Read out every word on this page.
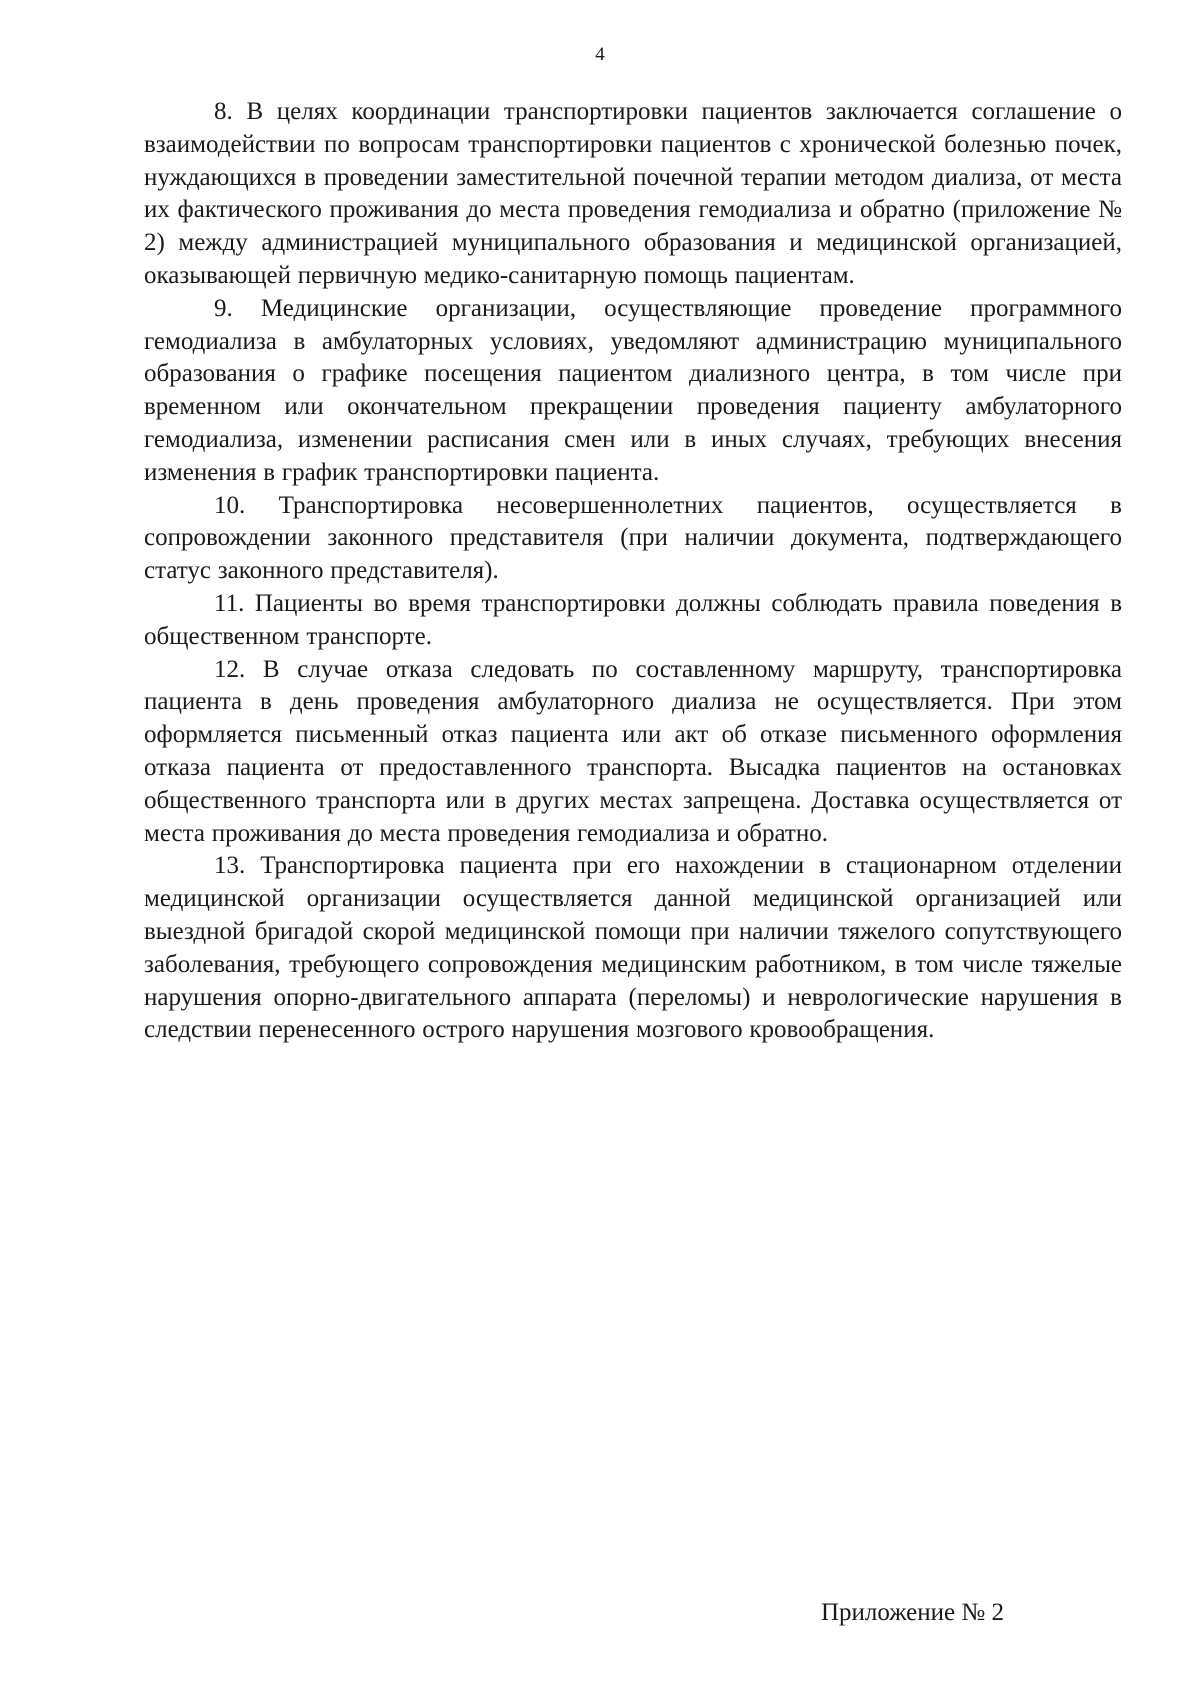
4

8. В целях координации транспортировки пациентов заключается соглашение о взаимодействии по вопросам транспортировки пациентов с хронической болезнью почек, нуждающихся в проведении заместительной почечной терапии методом диализа, от места их фактического проживания до места проведения гемодиализа и обратно (приложение № 2) между администрацией муниципального образования и медицинской организацией, оказывающей первичную медико-санитарную помощь пациентам.

9. Медицинские организации, осуществляющие проведение программного гемодиализа в амбулаторных условиях, уведомляют администрацию муниципального образования о графике посещения пациентом диализного центра, в том числе при временном или окончательном прекращении проведения пациенту амбулаторного гемодиализа, изменении расписания смен или в иных случаях, требующих внесения изменения в график транспортировки пациента.

10. Транспортировка несовершеннолетних пациентов, осуществляется в сопровождении законного представителя (при наличии документа, подтверждающего статус законного представителя).

11. Пациенты во время транспортировки должны соблюдать правила поведения в общественном транспорте.

12. В случае отказа следовать по составленному маршруту, транспортировка пациента в день проведения амбулаторного диализа не осуществляется. При этом оформляется письменный отказ пациента или акт об отказе письменного оформления отказа пациента от предоставленного транспорта. Высадка пациентов на остановках общественного транспорта или в других местах запрещена. Доставка осуществляется от места проживания до места проведения гемодиализа и обратно.

13. Транспортировка пациента при его нахождении в стационарном отделении медицинской организации осуществляется данной медицинской организацией или выездной бригадой скорой медицинской помощи при наличии тяжелого сопутствующего заболевания, требующего сопровождения медицинским работником, в том числе тяжелые нарушения опорно-двигательного аппарата (переломы) и неврологические нарушения в следствии перенесенного острого нарушения мозгового кровообращения.

Приложение № 2
